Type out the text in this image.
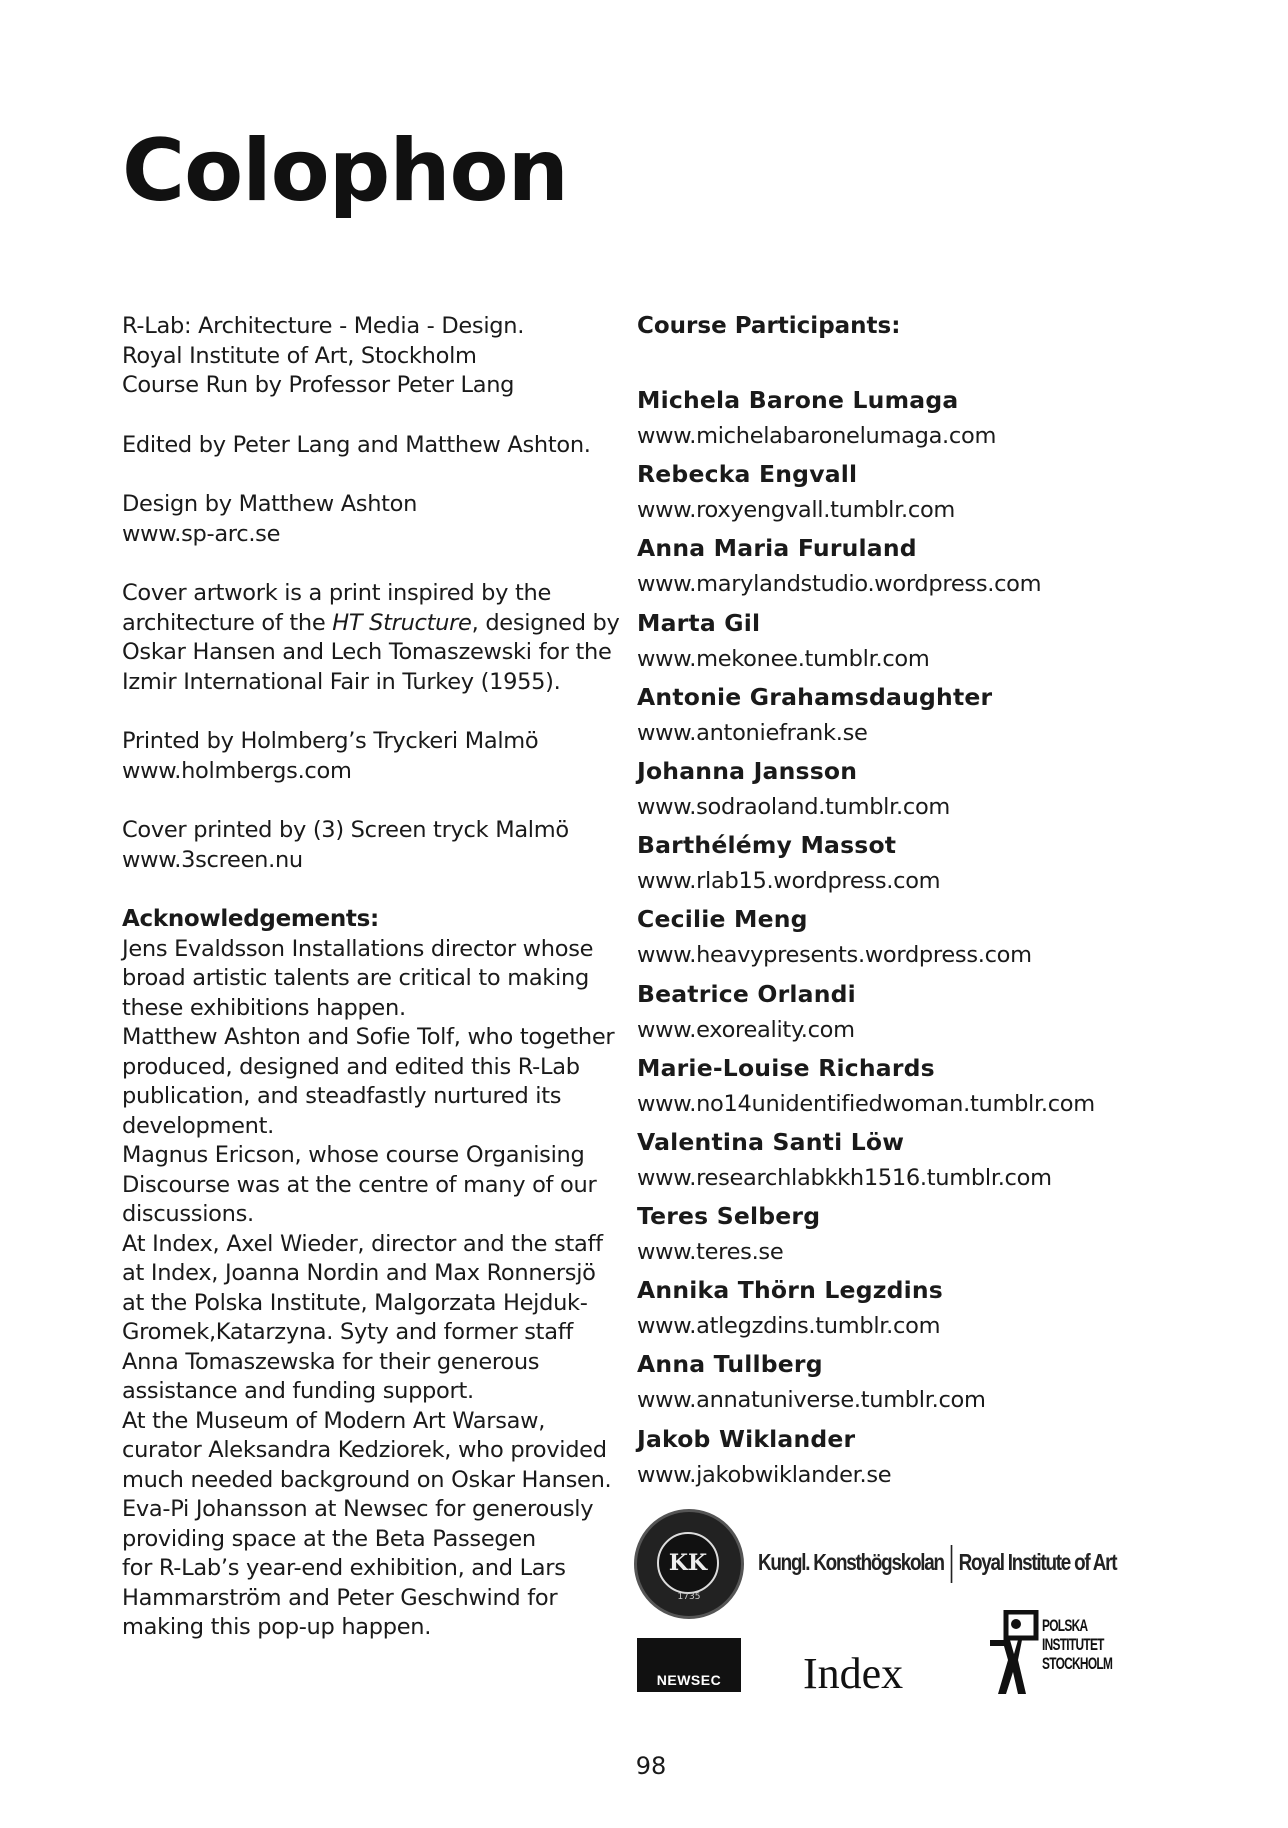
Colophon
R-Lab: Architecture - Media - Design.
Royal Institute of Art, Stockholm
Course Run by Professor Peter Lang
Edited by Peter Lang and Matthew Ashton.
Design by Matthew Ashton
www.sp-arc.se
Cover artwork is a print inspired by the
architecture of the HT Structure, designed by
Oskar Hansen and Lech Tomaszewski for the
Izmir International Fair in Turkey (1955).
Printed by Holmberg’s Tryckeri Malmö
www.holmbergs.com
Cover printed by (3) Screen tryck Malmö
www.3screen.nu
Acknowledgements:
Jens Evaldsson Installations director whose
broad artistic talents are critical to making
these exhibitions happen.
Matthew Ashton and Sofie Tolf, who together
produced, designed and edited this R-Lab
publication, and steadfastly nurtured its
development.
Magnus Ericson, whose course Organising
Discourse was at the centre of many of our
discussions.
At Index, Axel Wieder, director and the staff
at Index, Joanna Nordin and Max Ronnersjö
at the Polska Institute, Malgorzata Hejduk-
Gromek,Katarzyna. Syty and former staff
Anna Tomaszewska for their generous
assistance and funding support.
At the Museum of Modern Art Warsaw,
curator Aleksandra Kedziorek, who provided
much needed background on Oskar Hansen.
Eva-Pi Johansson at Newsec for generously
providing space at the Beta Passegen
for R-Lab’s year-end exhibition, and Lars
Hammarström and Peter Geschwind for
making this pop-up happen.
Course Participants:
Michela Barone Lumaga
www.michelabaronelumaga.com
Rebecka Engvall
www.roxyengvall.tumblr.com
Anna Maria Furuland
www.marylandstudio.wordpress.com
Marta Gil
www.mekonee.tumblr.com
Antonie Grahamsdaughter
www.antoniefrank.se
Johanna Jansson
www.sodraoland.tumblr.com
Barthélémy Massot
www.rlab15.wordpress.com
Cecilie Meng
www.heavypresents.wordpress.com
Beatrice Orlandi
www.exoreality.com
Marie-Louise Richards
www.no14unidentifiedwoman.tumblr.com
Valentina Santi Löw
www.researchlabkkh1516.tumblr.com
Teres Selberg
www.teres.se
Annika Thörn Legzdins
www.atlegzdins.tumblr.com
Anna Tullberg
www.annatuniverse.tumblr.com
Jakob Wiklander
www.jakobwiklander.se
KK
1735
Kungl. Konsthögskolan Royal Institute of Art
NEWSEC	Index
POLSKA
INSTITUTET
STOCKHOLM
98
